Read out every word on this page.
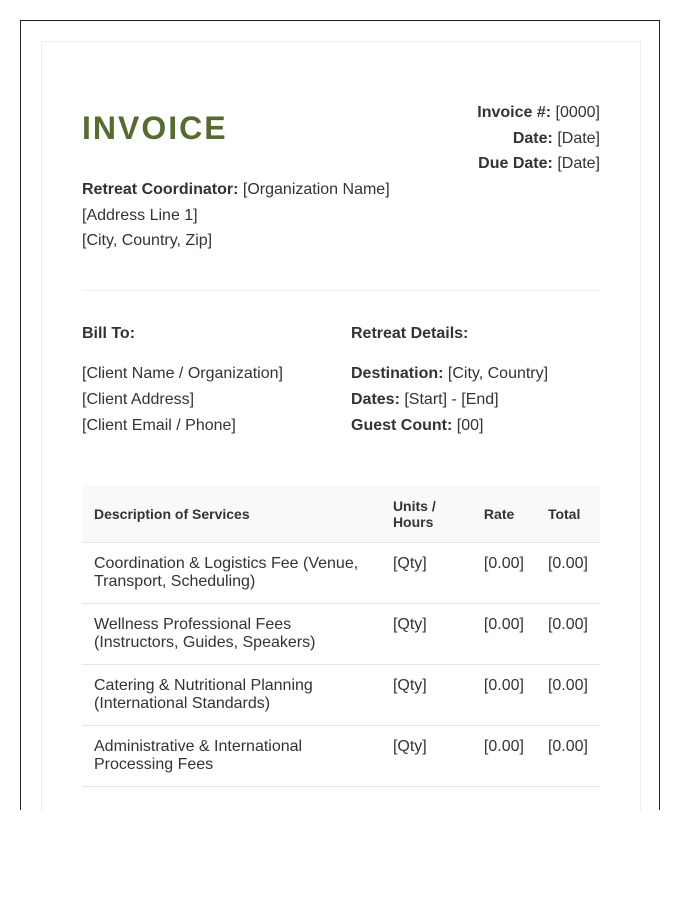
INVOICE	Invoice #: [0000]
Date: [Date]
Due Date: [Date]
Retreat Coordinator: [Organization Name]
[Address Line 1]
[City, Country, Zip]
Bill To:	Retreat Details:
[Client Name / Organization]
[Client Address]
[Client Email / Phone]
Destination: [City, Country]
Dates: [Start] - [End]
Guest Count: [00]
Description of Services	Units / Hours	Rate	Total
Coordination & Logistics Fee (Venue, Transport, Scheduling)	[Qty]	[0.00]	[0.00]
Wellness Professional Fees (Instructors, Guides, Speakers)	[Qty]	[0.00]	[0.00]
Catering & Nutritional Planning (International Standards)	[Qty]	[0.00]	[0.00]
Administrative & International Processing Fees	[Qty]	[0.00]	[0.00]
